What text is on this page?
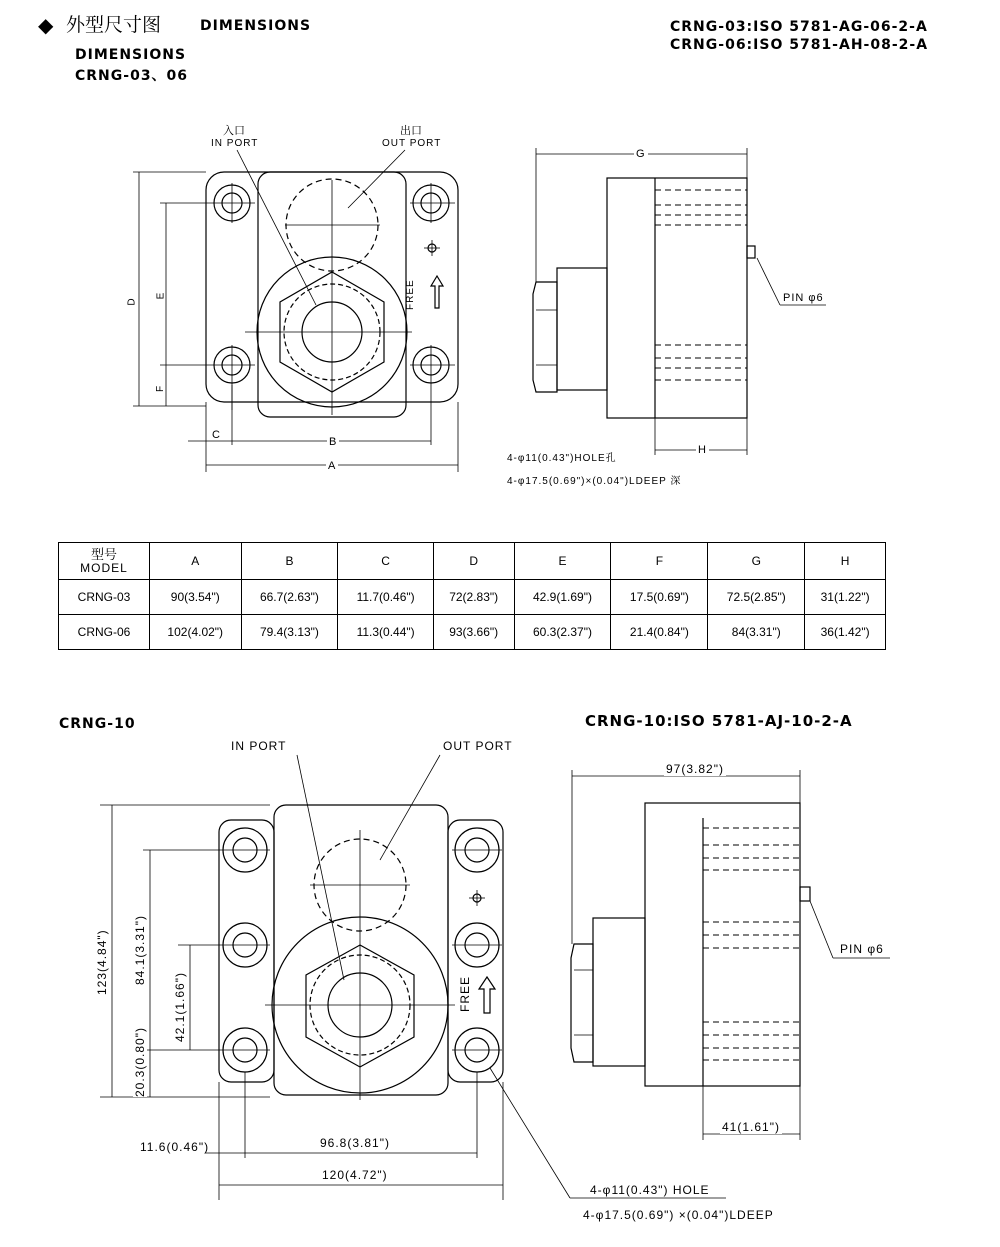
◆ 外型尺寸图	DIMENSIONS
DIMENSIONS
CRNG-03、06
CRNG-03:ISO 5781-AG-06-2-A
CRNG-06:ISO 5781-AH-08-2-A
入口
IN PORT
出口
OUT PORT
FREE	PIN φ6
D
E
F
C
B
A
G
H
4-φ11(0.43")HOLE孔
4-φ17.5(0.69")×(0.04")LDEEP 深
型号
MODEL	A	B	C	D	E	F	G	H
CRNG-03	90(3.54")	66.7(2.63")	11.7(0.46")	72(2.83")	42.9(1.69")	17.5(0.69")	72.5(2.85")	31(1.22")
CRNG-06	102(4.02")	79.4(3.13")	11.3(0.44")	93(3.66")	60.3(2.37")	21.4(0.84")	84(3.31")	36(1.42")
CRNG-10	CRNG-10:ISO 5781-AJ-10-2-A
IN PORT	OUT PORT
FREE
PIN φ6
97(3.82")
41(1.61")
123(4.84") 84.1(3.31")
42.1(1.66")
20.3(0.80")
11.6(0.46")	96.8(3.81")
120(4.72")
4-φ11(0.43") HOLE
4-φ17.5(0.69") ×(0.04")LDEEP
